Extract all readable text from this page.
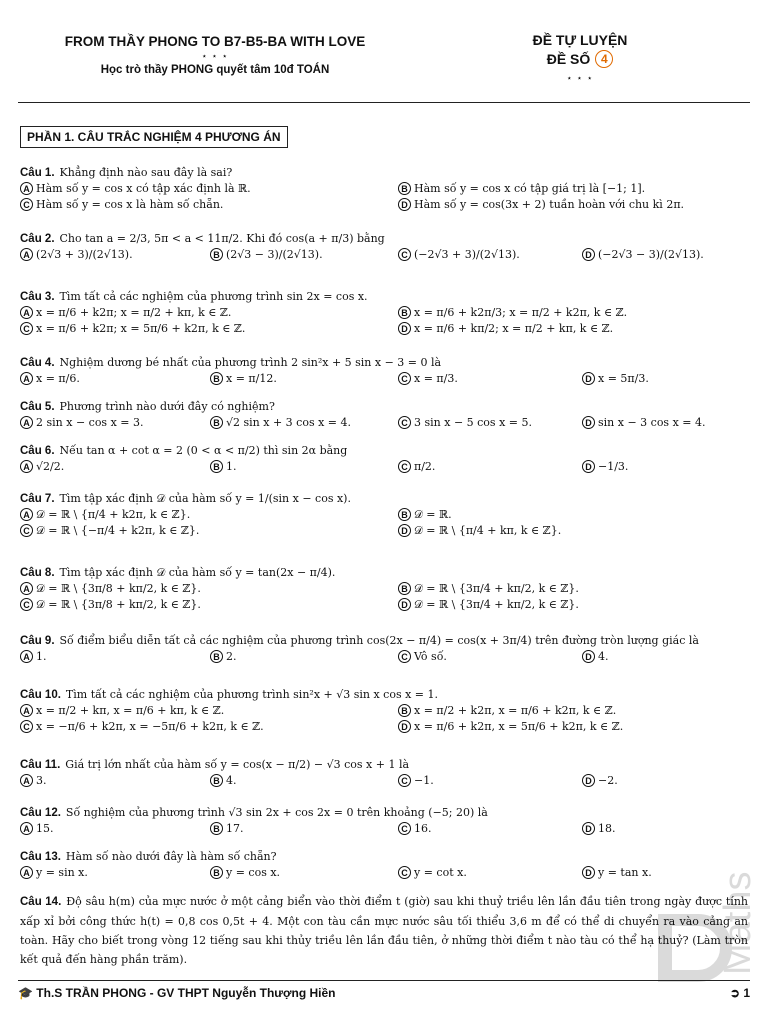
FROM THẦY PHONG TO B7-B5-BA WITH LOVE
⋆ ⋆ ⋆
Học trò thầy PHONG quyết tâm 10đ TOÁN
ĐỀ TỰ LUYỆN
ĐỀ SỐ 4
⋆ ⋆ ⋆
PHẦN 1. CÂU TRẮC NGHIỆM 4 PHƯƠNG ÁN
Câu 1. Khẳng định nào sau đây là sai?
A Hàm số y = cos x có tập xác định là ℝ.	B Hàm số y = cos x có tập giá trị là [−1; 1].
C Hàm số y = cos x là hàm số chẵn.	D Hàm số y = cos(3x + 2) tuần hoàn với chu kì 2π.
Câu 2. Cho tan a = 2/3, 5π < a < 11π/2. Khi đó cos(a + π/3) bằng
A (2√3 + 3)/(2√13).	B (2√3 − 3)/(2√13).	C (−2√3 + 3)/(2√13).	D (−2√3 − 3)/(2√13).
Câu 3. Tìm tất cả các nghiệm của phương trình sin 2x = cos x.
A x = π/6 + k2π; x = π/2 + kπ, k ∈ ℤ.	B x = π/6 + k2π/3; x = π/2 + k2π, k ∈ ℤ.
C x = π/6 + k2π; x = 5π/6 + k2π, k ∈ ℤ.	D x = π/6 + kπ/2; x = π/2 + kπ, k ∈ ℤ.
Câu 4. Nghiệm dương bé nhất của phương trình 2 sin²x + 5 sin x − 3 = 0 là
A x = π/6.	B x = π/12.	C x = π/3.	D x = 5π/3.
Câu 5. Phương trình nào dưới đây có nghiệm?
A 2 sin x − cos x = 3.	B √2 sin x + 3 cos x = 4.	C 3 sin x − 5 cos x = 5.	D sin x − 3 cos x = 4.
Câu 6. Nếu tan α + cot α = 2 (0 < α < π/2) thì sin 2α bằng
A √2/2.	B 1.	C π/2.	D −1/3.
Câu 7. Tìm tập xác định 𝒟 của hàm số y = 1/(sin x − cos x).
A 𝒟 = ℝ \ {π/4 + k2π, k ∈ ℤ}.	B 𝒟 = ℝ.
C 𝒟 = ℝ \ {−π/4 + k2π, k ∈ ℤ}.	D 𝒟 = ℝ \ {π/4 + kπ, k ∈ ℤ}.
Câu 8. Tìm tập xác định 𝒟 của hàm số y = tan(2x − π/4).
A 𝒟 = ℝ \ {3π/8 + kπ/2, k ∈ ℤ}.	B 𝒟 = ℝ \ {3π/4 + kπ/2, k ∈ ℤ}.
C 𝒟 = ℝ \ {3π/8 + kπ/2, k ∈ ℤ}.	D 𝒟 = ℝ \ {3π/4 + kπ/2, k ∈ ℤ}.
Câu 9. Số điểm biểu diễn tất cả các nghiệm của phương trình cos(2x − π/4) = cos(x + 3π/4) trên đường tròn lượng giác là
A 1.	B 2.	C Vô số.	D 4.
Câu 10. Tìm tất cả các nghiệm của phương trình sin²x + √3 sin x cos x = 1.
A x = π/2 + kπ, x = π/6 + kπ, k ∈ ℤ.	B x = π/2 + k2π, x = π/6 + k2π, k ∈ ℤ.
C x = −π/6 + k2π, x = −5π/6 + k2π, k ∈ ℤ.	D x = π/6 + k2π, x = 5π/6 + k2π, k ∈ ℤ.
Câu 11. Giá trị lớn nhất của hàm số y = cos(x − π/2) − √3 cos x + 1 là
A 3.	B 4.	C −1.	D −2.
Câu 12. Số nghiệm của phương trình √3 sin 2x + cos 2x = 0 trên khoảng (−5; 20) là
A 15.	B 17.	C 16.	D 18.
Câu 13. Hàm số nào dưới đây là hàm số chẵn?
A y = sin x.	B y = cos x.	C y = cot x.	D y = tan x.
Câu 14. Độ sâu h(m) của mực nước ở một cảng biển vào thời điểm t (giờ) sau khi thuỷ triều lên lần đầu tiên trong ngày được tính xấp xỉ bởi công thức h(t) = 0,8 cos 0,5t + 4. Một con tàu cần mực nước sâu tối thiểu 3,6 m để có thể di chuyển ra vào cảng an toàn. Hãy cho biết trong vòng 12 tiếng sau khi thủy triều lên lần đầu tiên, ở những thời điểm t nào tàu có thể hạ thuỷ? (Làm tròn kết quả đến hàng phần trăm).	Maths
🎓 Th.S TRẦN PHONG - GV THPT Nguyễn Thượng Hiền	➲ 1
